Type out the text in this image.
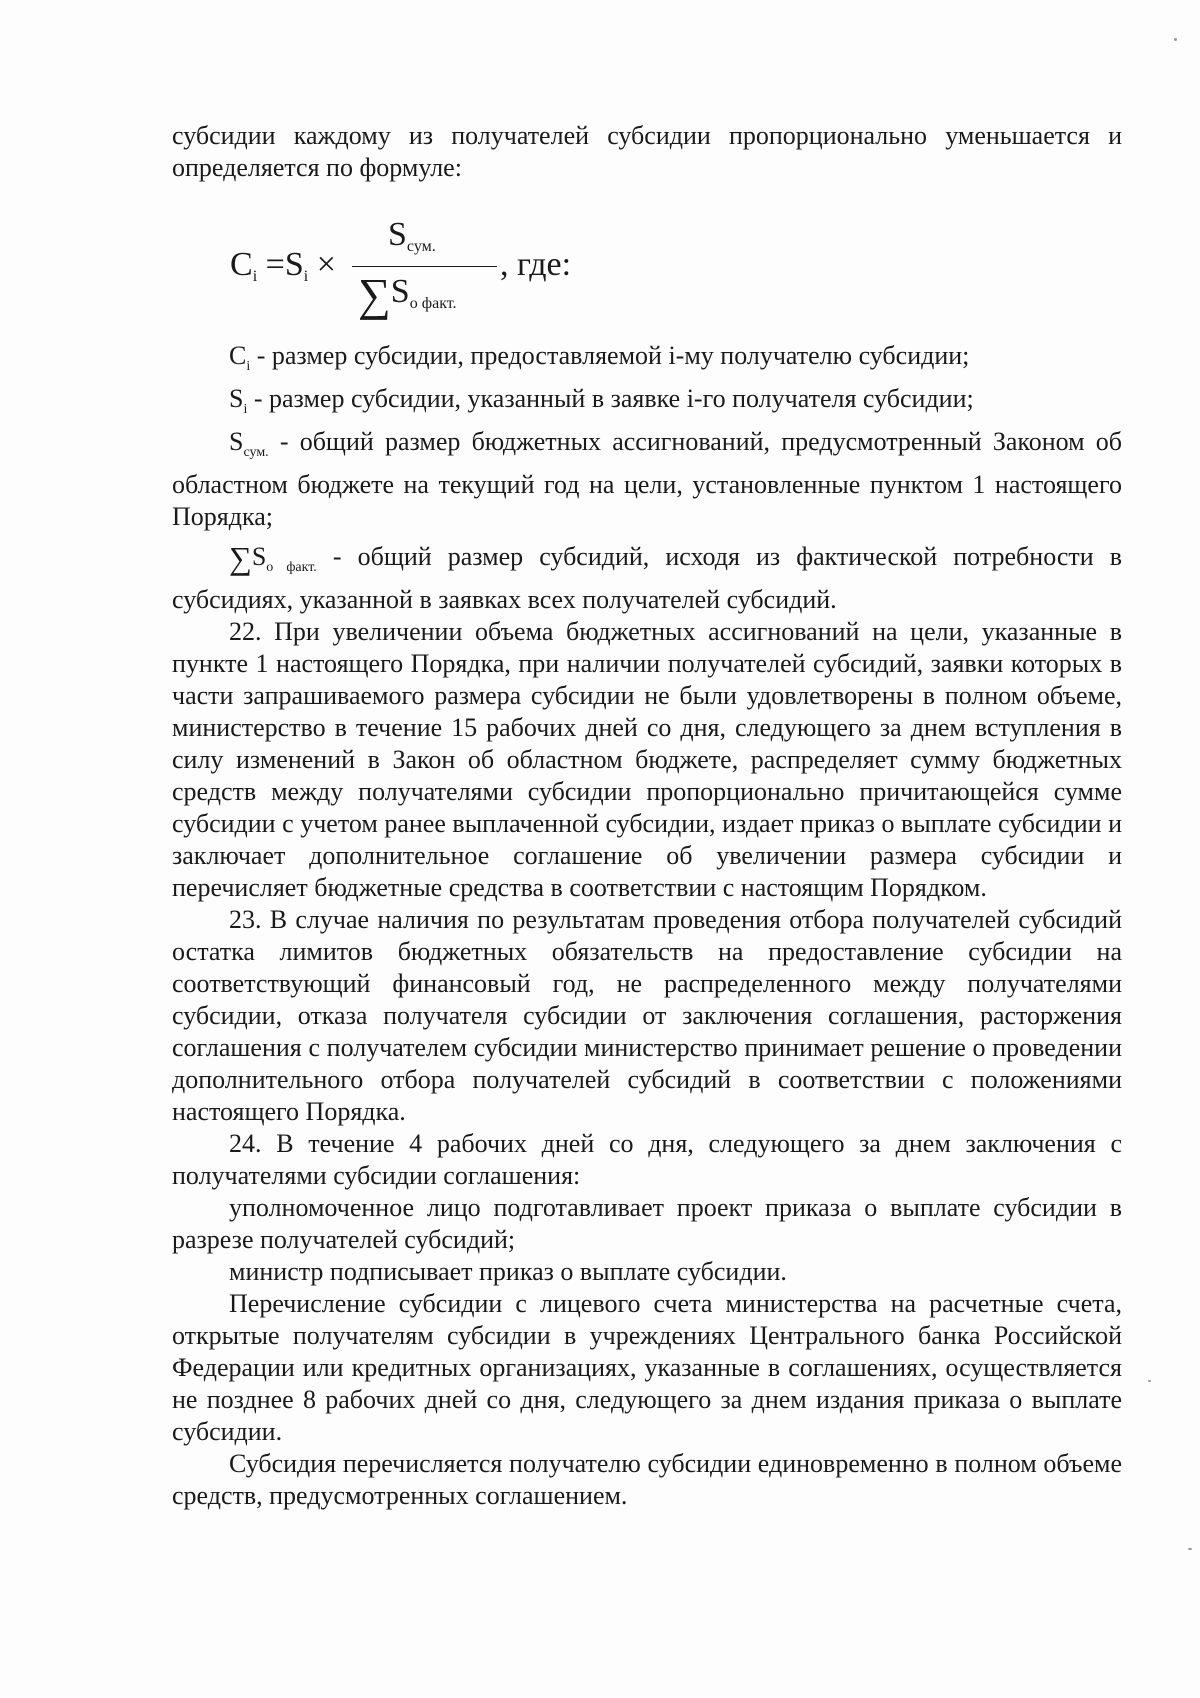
субсидии каждому из получателей субсидии пропорционально уменьшается и определяется по формуле:

$C_i =S_i$ ×
$S_{сум.}$
$\sum S_{о факт.}$
, где:

$C_i$ - размер субсидии, предоставляемой i-му получателю субсидии;

$S_i$ - размер субсидии, указанный в заявке i-го получателя субсидии;

$S_{сум.}$ - общий размер бюджетных ассигнований, предусмотренный Законом об областном бюджете на текущий год на цели, установленные пунктом 1 настоящего Порядка;

$\sum S_{о факт.}$ - общий размер субсидий, исходя из фактической потребности в субсидиях, указанной в заявках всех получателей субсидий.

22. При увеличении объема бюджетных ассигнований на цели, указанные в пункте 1 настоящего Порядка, при наличии получателей субсидий, заявки которых в части запрашиваемого размера субсидии не были удовлетворены в полном объеме, министерство в течение 15 рабочих дней со дня, следующего за днем вступления в силу изменений в Закон об областном бюджете, распределяет сумму бюджетных средств между получателями субсидии пропорционально причитающейся сумме субсидии с учетом ранее выплаченной субсидии, издает приказ о выплате субсидии и заключает дополнительное соглашение об увеличении размера субсидии и перечисляет бюджетные средства в соответствии с настоящим Порядком.

23. В случае наличия по результатам проведения отбора получателей субсидий остатка лимитов бюджетных обязательств на предоставление субсидии на соответствующий финансовый год, не распределенного между получателями субсидии, отказа получателя субсидии от заключения соглашения, расторжения соглашения с получателем субсидии министерство принимает решение о проведении дополнительного отбора получателей субсидий в соответствии с положениями настоящего Порядка.

24. В течение 4 рабочих дней со дня, следующего за днем заключения с получателями субсидии соглашения:

уполномоченное лицо подготавливает проект приказа о выплате субсидии в разрезе получателей субсидий;

министр подписывает приказ о выплате субсидии.

Перечисление субсидии с лицевого счета министерства на расчетные счета, открытые получателям субсидии в учреждениях Центрального банка Российской Федерации или кредитных организациях, указанные в соглашениях, осуществляется не позднее 8 рабочих дней со дня, следующего за днем издания приказа о выплате субсидии.

Субсидия перечисляется получателю субсидии единовременно в полном объеме средств, предусмотренных соглашением.
